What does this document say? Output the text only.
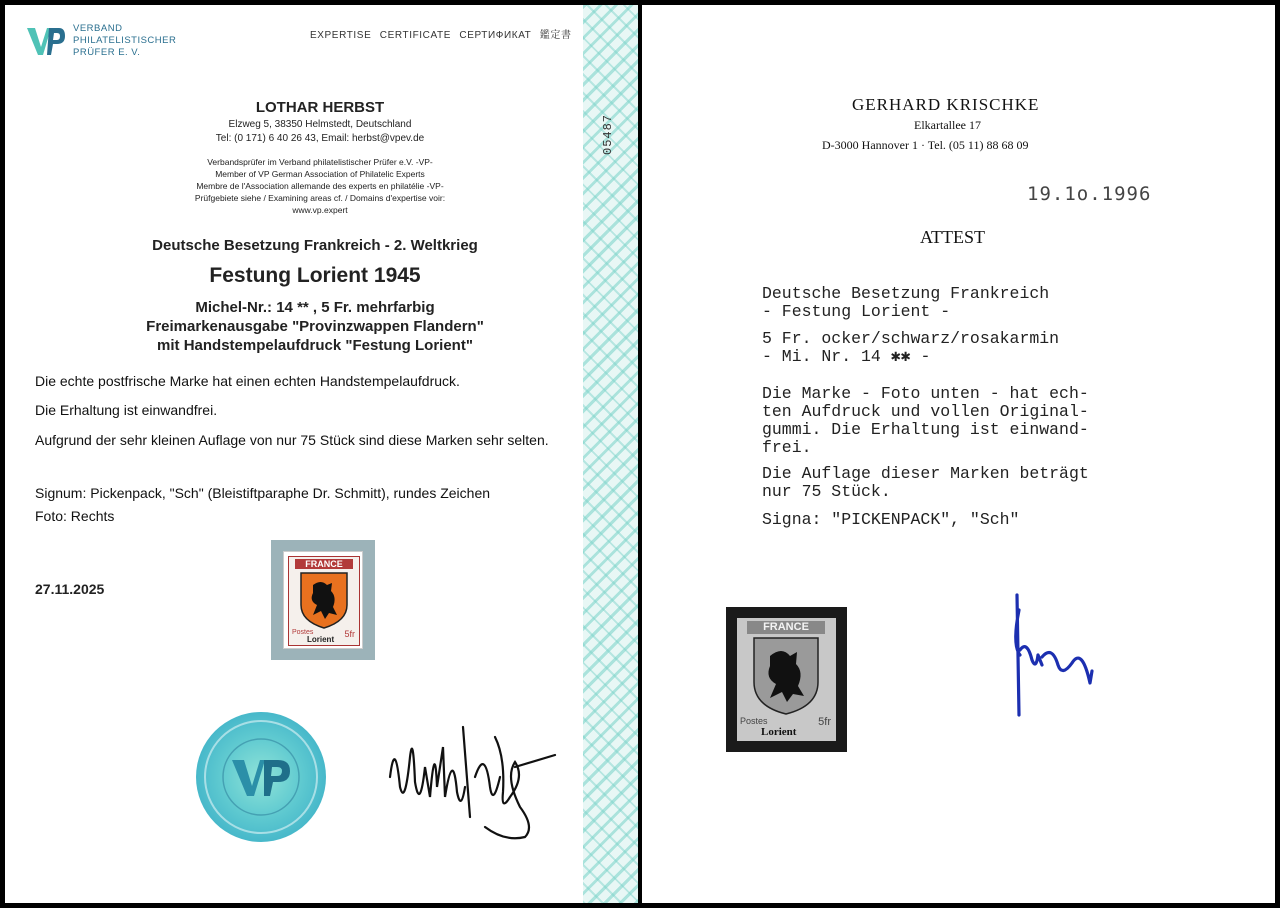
05487
VERBAND
PHILATELISTISCHER
PRÜFER E. V.
EXPERTISE CERTIFICATE СЕРТИФИКАТ 鑑定書
LOTHAR HERBST
Elzweg 5, 38350 Helmstedt, Deutschland
Tel: (0 171) 6 40 26 43, Email: herbst@vpev.de
Verbandsprüfer im Verband philatelistischer Prüfer e.V. -VP-
Member of VP German Association of Philatelic Experts
Membre de l'Association allemande des experts en philatélie -VP-
Prüfgebiete siehe / Examining areas cf. / Domains d'expertise voir:
www.vp.expert
Deutsche Besetzung Frankreich - 2. Weltkrieg
Festung Lorient 1945
Michel-Nr.: 14 ** , 5 Fr. mehrfarbig
Freimarkenausgabe "Provinzwappen Flandern"
mit Handstempelaufdruck "Festung Lorient"
Die echte postfrische Marke hat einen echten Handstempelaufdruck.
Die Erhaltung ist einwandfrei.
Aufgrund der sehr kleinen Auflage von nur 75 Stück sind diese Marken sehr selten.
Signum: Pickenpack, "Sch" (Bleistiftparaphe Dr. Schmitt), rundes Zeichen
Foto: Rechts
27.11.2025
FRANCE
Postes
Lorient
5fr
GERHARD KRISCHKE
Elkartallee 17
D-3000 Hannover 1 · Tel. (05 11) 88 68 09
19.1o.1996
ATTEST
Deutsche Besetzung Frankreich
- Festung Lorient -
5 Fr. ocker/schwarz/rosakarmin
- Mi. Nr. 14 ✱✱ -
Die Marke - Foto unten - hat ech-
ten Aufdruck und vollen Original-
gummi. Die Erhaltung ist einwand-
frei.
Die Auflage dieser Marken beträgt
nur 75 Stück.
Signa: "PICKENPACK", "Sch"
FRANCE
Postes
Lorient
5fr
